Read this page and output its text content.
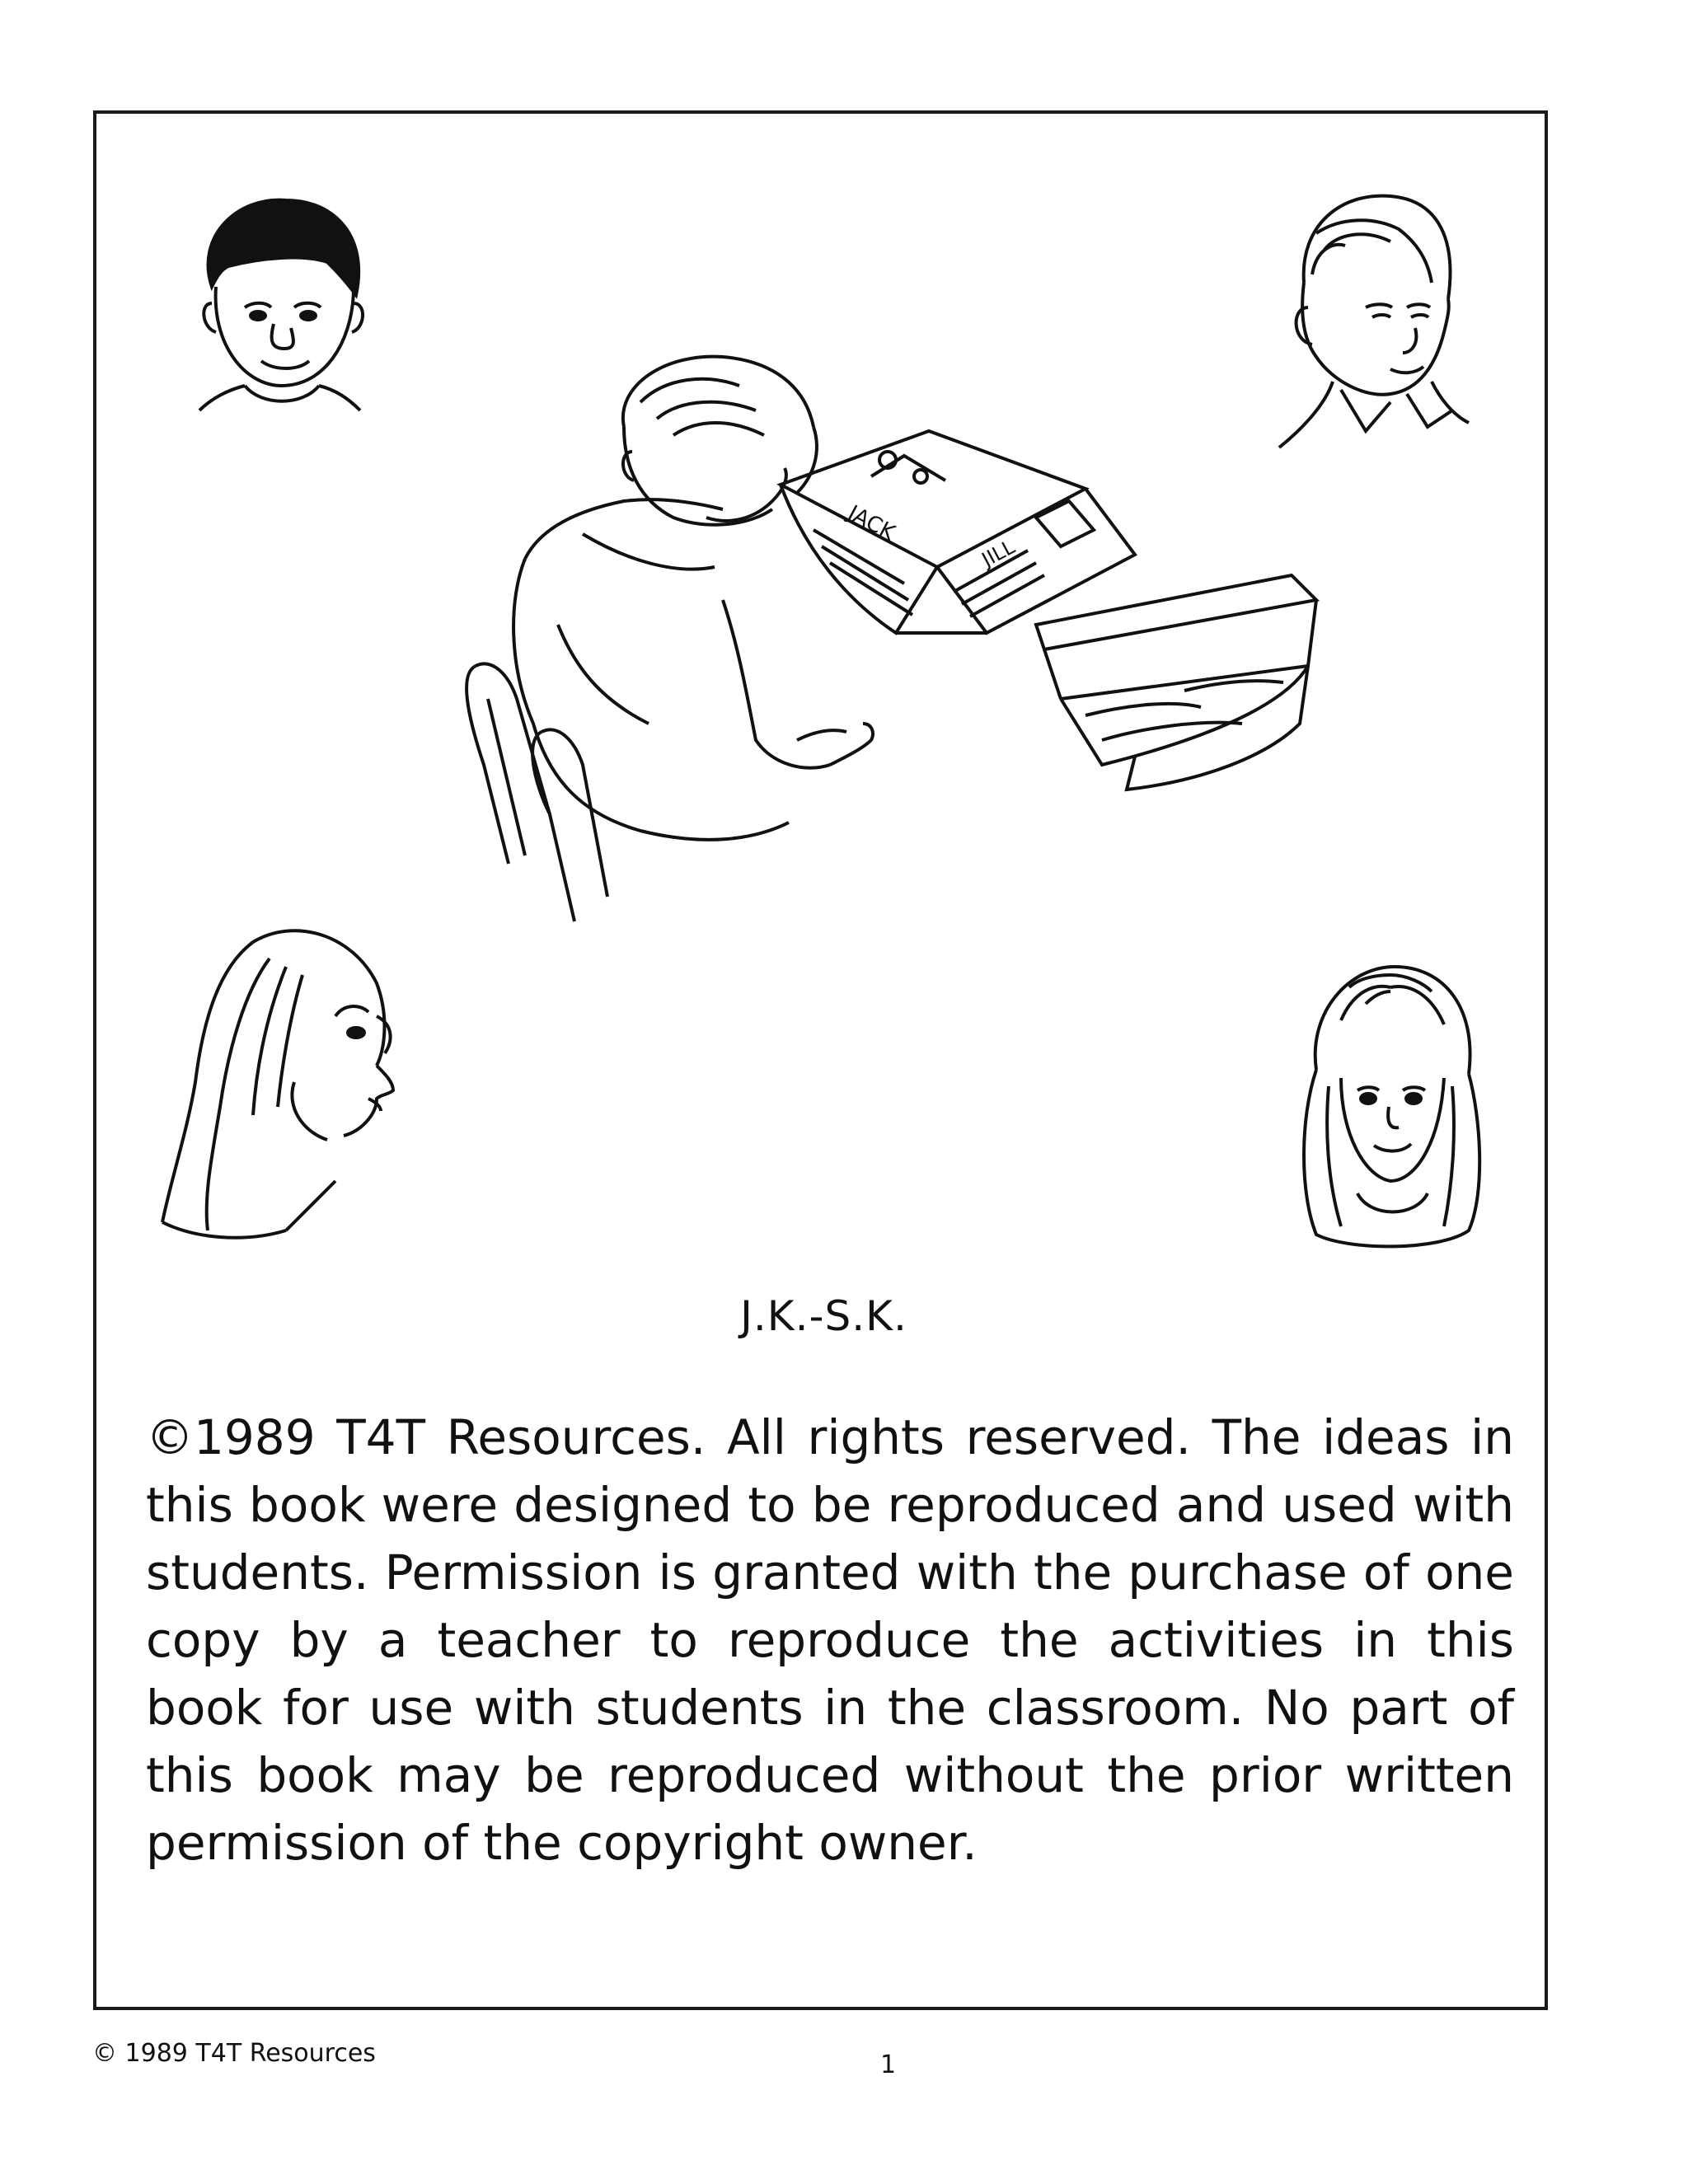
JACK
JILL
J.K.-S.K.
©1989 T4T Resources. All rights reserved. The ideas in this book were designed to be reproduced and used with students. Permission is granted with the purchase of one copy by a teacher to reproduce the activities in this book for use with students in the classroom. No part of this book may be reproduced without the prior written permission of the copyright owner.
© 1989 T4T Resources	1
